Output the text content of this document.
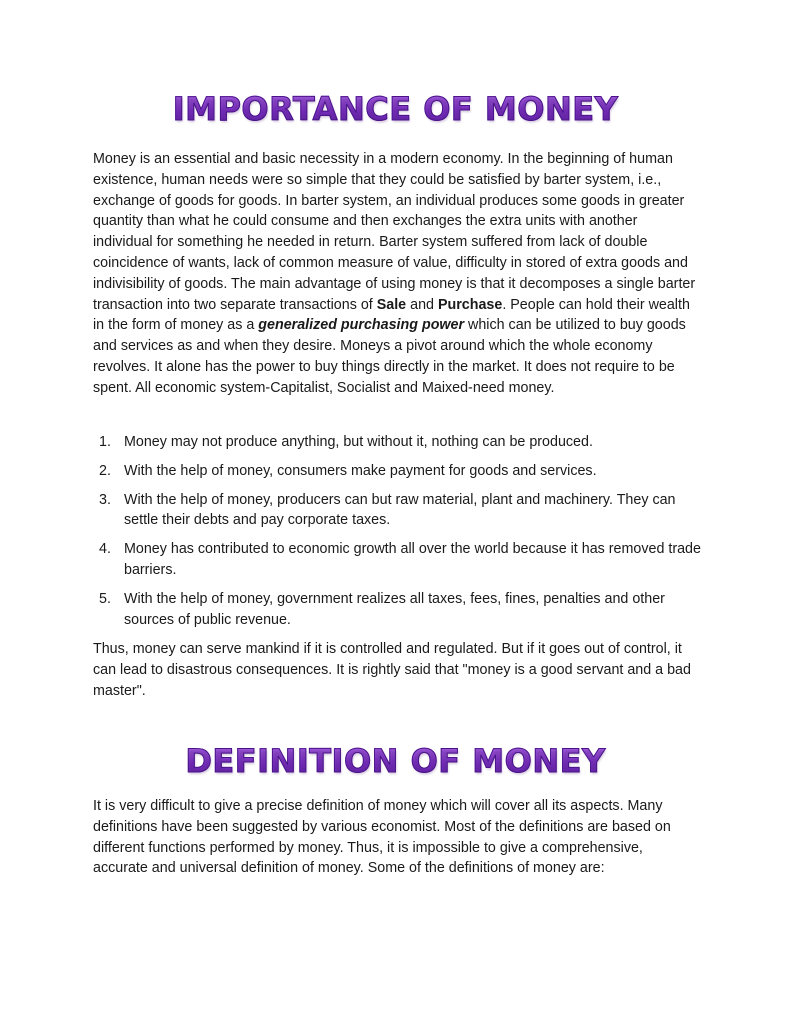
IMPORTANCE OF MONEY
Money is an essential and basic necessity in a modern economy. In the beginning of human existence, human needs were so simple that they could be satisfied by barter system, i.e., exchange of goods for goods. In barter system, an individual produces some goods in greater quantity than what he could consume and then exchanges the extra units with another individual for something he needed in return. Barter system suffered from lack of double coincidence of wants, lack of common measure of value, difficulty in stored of extra goods and indivisibility of goods. The main advantage of using money is that it decomposes a single barter transaction into two separate transactions of Sale and Purchase. People can hold their wealth in the form of money as a generalized purchasing power which can be utilized to buy goods and services as and when they desire. Moneys a pivot around which the whole economy revolves. It alone has the power to buy things directly in the market. It does not require to be spent. All economic system-Capitalist, Socialist and Maixed-need money.
1. Money may not produce anything, but without it, nothing can be produced.
2. With the help of money, consumers make payment for goods and services.
3. With the help of money, producers can but raw material, plant and machinery. They can settle their debts and pay corporate taxes.
4. Money has contributed to economic growth all over the world because it has removed trade barriers.
5. With the help of money, government realizes all taxes, fees, fines, penalties and other sources of public revenue.
Thus, money can serve mankind if it is controlled and regulated. But if it goes out of control, it can lead to disastrous consequences. It is rightly said that "money is a good servant and a bad master".
DEFINITION OF MONEY
It is very difficult to give a precise definition of money which will cover all its aspects. Many definitions have been suggested by various economist. Most of the definitions are based on different functions performed by money. Thus, it is impossible to give a comprehensive, accurate and universal definition of money. Some of the definitions of money are:
